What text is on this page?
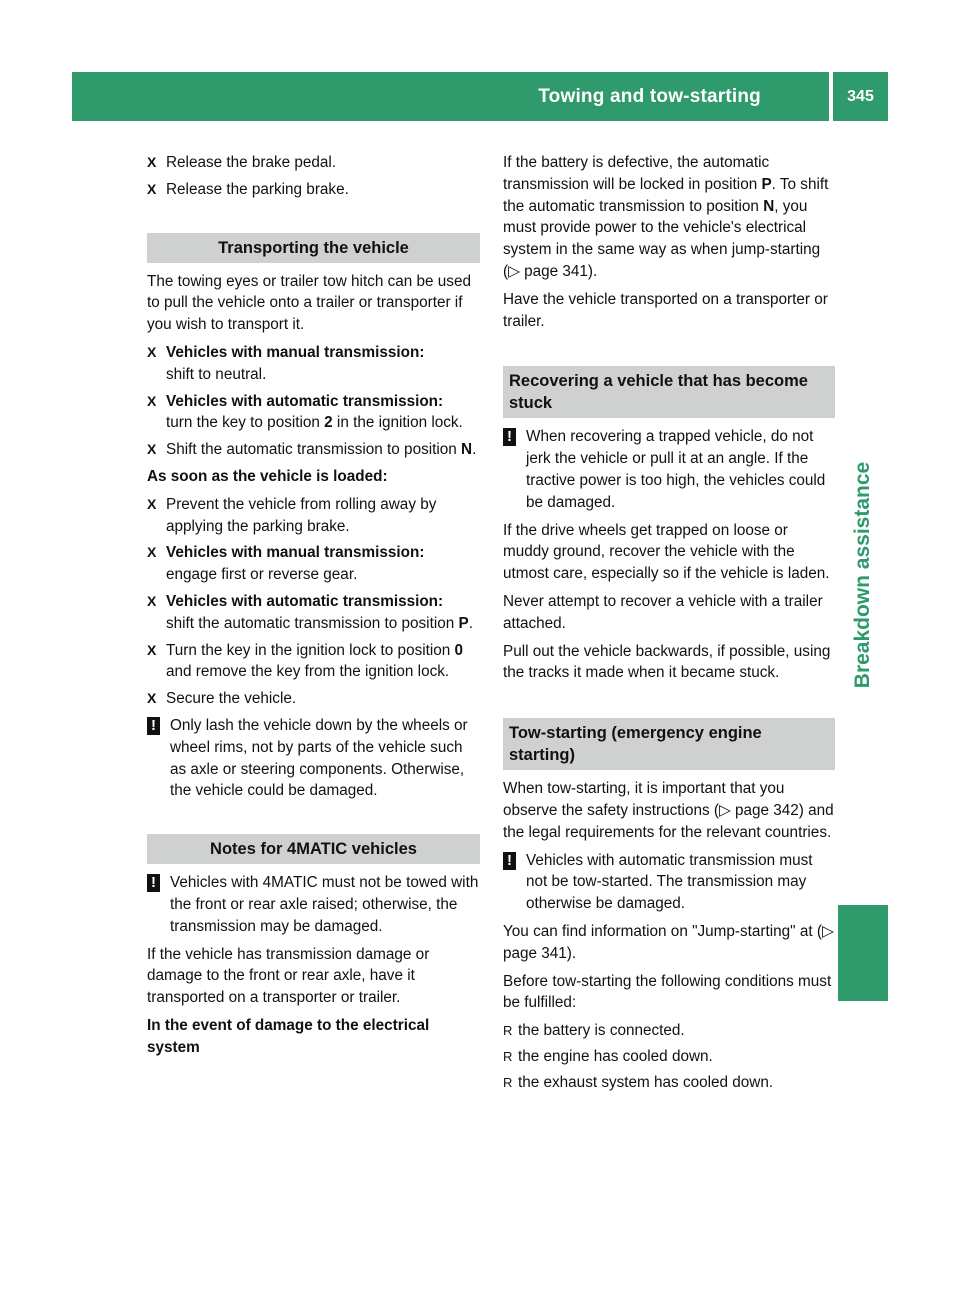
Towing and tow-starting	345
Breakdown assistance
X Release the brake pedal.
X Release the parking brake.
Transporting the vehicle

The towing eyes or trailer tow hitch can be used to pull the vehicle onto a trailer or transporter if you wish to transport it.

X Vehicles with manual transmission:
shift to neutral.
X Vehicles with automatic transmission:
turn the key to position 2 in the ignition lock.
X Shift the automatic transmission to position N.
As soon as the vehicle is loaded:
X Prevent the vehicle from rolling away by applying the parking brake.
X Vehicles with manual transmission:
engage first or reverse gear.
X Vehicles with automatic transmission:
shift the automatic transmission to position P.
X Turn the key in the ignition lock to position 0 and remove the key from the ignition lock.
X Secure the vehicle.
! Only lash the vehicle down by the wheels or wheel rims, not by parts of the vehicle such as axle or steering components. Otherwise, the vehicle could be damaged.
Notes for 4MATIC vehicles
! Vehicles with 4MATIC must not be towed with the front or rear axle raised; otherwise, the transmission may be damaged.

If the vehicle has transmission damage or damage to the front or rear axle, have it transported on a transporter or trailer.

In the event of damage to the electrical system

If the battery is defective, the automatic transmission will be locked in position P. To shift the automatic transmission to position N, you must provide power to the vehicle's electrical system in the same way as when jump-starting (▷ page 341).

Have the vehicle transported on a transporter or trailer.

Recovering a vehicle that has become stuck
! When recovering a trapped vehicle, do not jerk the vehicle or pull it at an angle. If the tractive power is too high, the vehicles could be damaged.

If the drive wheels get trapped on loose or muddy ground, recover the vehicle with the utmost care, especially so if the vehicle is laden.

Never attempt to recover a vehicle with a trailer attached.

Pull out the vehicle backwards, if possible, using the tracks it made when it became stuck.

Tow-starting (emergency engine starting)

When tow-starting, it is important that you observe the safety instructions (▷ page 342) and the legal requirements for the relevant countries.

! Vehicles with automatic transmission must not be tow-started. The transmission may otherwise be damaged.

You can find information on "Jump-starting" at (▷ page 341).

Before tow-starting the following conditions must be fulfilled:

R the battery is connected.
R the engine has cooled down.
R the exhaust system has cooled down.
